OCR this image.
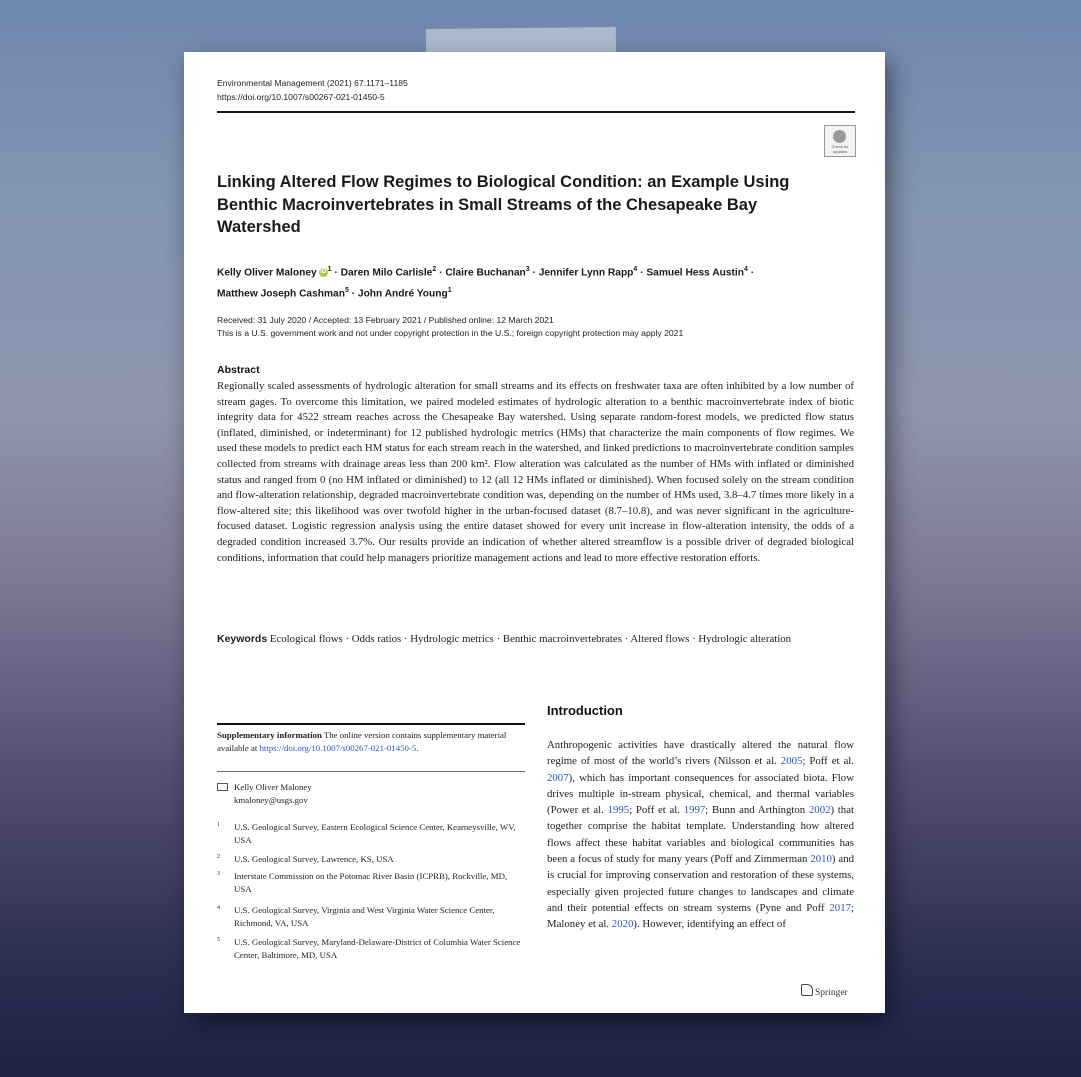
Environmental Management (2021) 67:1171–1185
https://doi.org/10.1007/s00267-021-01450-5
Check for updates
Linking Altered Flow Regimes to Biological Condition: an Example Using Benthic Macroinvertebrates in Small Streams of the Chesapeake Bay Watershed
Kelly Oliver Maloney iD $^1$ · Daren Milo Carlisle$^2$ · Claire Buchanan$^3$ · Jennifer Lynn Rapp$^4$ · Samuel Hess Austin$^4$ ·
Matthew Joseph Cashman$^5$ · John André Young$^1$
Received: 31 July 2020 / Accepted: 13 February 2021 / Published online: 12 March 2021
This is a U.S. government work and not under copyright protection in the U.S.; foreign copyright protection may apply 2021
Abstract
Regionally scaled assessments of hydrologic alteration for small streams and its effects on freshwater taxa are often inhibited by a low number of stream gages. To overcome this limitation, we paired modeled estimates of hydrologic alteration to a benthic macroinvertebrate index of biotic integrity data for 4522 stream reaches across the Chesapeake Bay watershed. Using separate random-forest models, we predicted flow status (inflated, diminished, or indeterminant) for 12 published hydrologic metrics (HMs) that characterize the main components of flow regimes. We used these models to predict each HM status for each stream reach in the watershed, and linked predictions to macroinvertebrate condition samples collected from streams with drainage areas less than 200 km². Flow alteration was calculated as the number of HMs with inflated or diminished status and ranged from 0 (no HM inflated or diminished) to 12 (all 12 HMs inflated or diminished). When focused solely on the stream condition and flow-alteration relationship, degraded macroinvertebrate condition was, depending on the number of HMs used, 3.8–4.7 times more likely in a flow-altered site; this likelihood was over twofold higher in the urban-focused dataset (8.7–10.8), and was never significant in the agriculture-focused dataset. Logistic regression analysis using the entire dataset showed for every unit increase in flow-alteration intensity, the odds of a degraded condition increased 3.7%. Our results provide an indication of whether altered streamflow is a possible driver of degraded biological conditions, information that could help managers prioritize management actions and lead to more effective restoration efforts.
Keywords Ecological flows · Odds ratios · Hydrologic metrics · Benthic macroinvertebrates · Altered flows · Hydrologic alteration
Supplementary information The online version contains supplementary material available at https://doi.org/10.1007/s00267-021-01450-5.
Kelly Oliver Maloney
kmaloney@usgs.gov
1 U.S. Geological Survey, Eastern Ecological Science Center, Kearneysville, WV, USA
2 U.S. Geological Survey, Lawrence, KS, USA
3 Interstate Commission on the Potomac River Basin (ICPRB), Rockville, MD, USA
4 U.S. Geological Survey, Virginia and West Virginia Water Science Center, Richmond, VA, USA
5 U.S. Geological Survey, Maryland-Delaware-District of Columbia Water Science Center, Baltimore, MD, USA
Introduction
Anthropogenic activities have drastically altered the natural flow regime of most of the world’s rivers (Nilsson et al. 2005; Poff et al. 2007), which has important consequences for associated biota. Flow drives multiple in-stream physical, chemical, and thermal variables (Power et al. 1995; Poff et al. 1997; Bunn and Arthington 2002) that together comprise the habitat template. Understanding how altered flows affect these habitat variables and biological communities has been a focus of study for many years (Poff and Zimmerman 2010) and is crucial for improving conservation and restoration of these systems, especially given projected future changes to landscapes and climate and their potential effects on stream systems (Pyne and Poff 2017; Maloney et al. 2020). However, identifying an effect of
Springer
